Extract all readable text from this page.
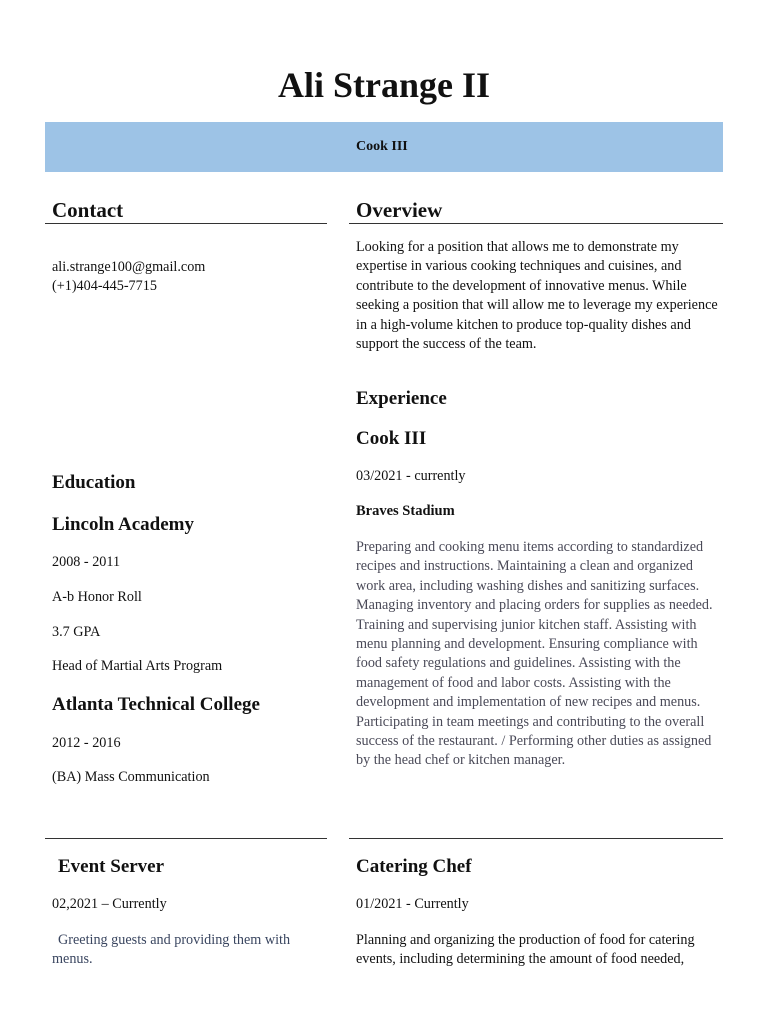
Ali Strange II
Cook III
Contact
ali.strange100@gmail.com
(+1)404-445-7715
Overview
Looking for a position that allows me to demonstrate my expertise in various cooking techniques and cuisines, and contribute to the development of innovative menus. While seeking a position that will allow me to leverage my experience in a high-volume kitchen to produce top-quality dishes and support the success of the team.
Education
Lincoln Academy
2008 - 2011
A-b Honor Roll
3.7 GPA
Head of Martial Arts Program
Atlanta Technical College
2012 - 2016
(BA) Mass Communication
Experience
Cook III
03/2021 - currently
Braves Stadium
Preparing and cooking menu items according to standardized recipes and instructions. Maintaining a clean and organized work area, including washing dishes and sanitizing surfaces. Managing inventory and placing orders for supplies as needed. Training and supervising junior kitchen staff. Assisting with menu planning and development. Ensuring compliance with food safety regulations and guidelines. Assisting with the management of food and labor costs. Assisting with the development and implementation of new recipes and menus. Participating in team meetings and contributing to the overall success of the restaurant. / Performing other duties as assigned by the head chef or kitchen manager.
Event Server
02,2021 – Currently
Greeting guests and providing them with menus.
Catering Chef
01/2021 - Currently
Planning and organizing the production of food for catering events, including determining the amount of food needed,
